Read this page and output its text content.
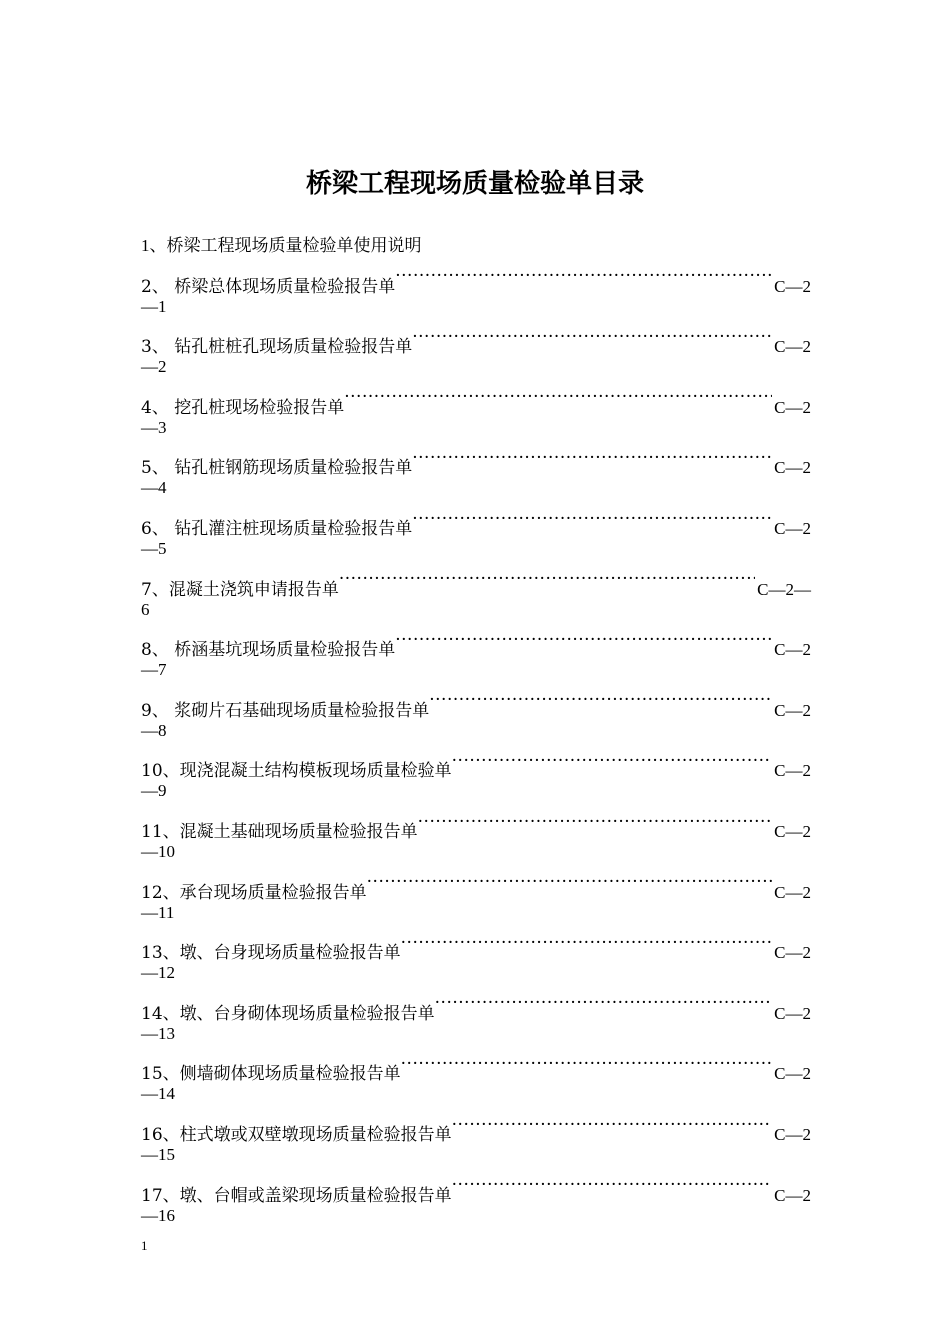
桥梁工程现场质量检验单目录
1、桥梁工程现场质量检验单使用说明
2、 桥梁总体现场质量检验报告单 ·····	C—2
—1
3、 钻孔桩桩孔现场质量检验报告单 ·····	C—2
—2
4、 挖孔桩现场检验报告单 ·····	C—2
—3
5、 钻孔桩钢筋现场质量检验报告单 ·····	C—2
—4
6、 钻孔灌注桩现场质量检验报告单 ·····	C—2
—5
7、混凝土浇筑申请报告单 ·····	C—2—
6
8、 桥涵基坑现场质量检验报告单 ·····	C—2
—7
9、 浆砌片石基础现场质量检验报告单 ·····	C—2
—8
10、现浇混凝土结构模板现场质量检验单 ·····	C—2
—9
11、混凝土基础现场质量检验报告单 ·····	C—2
—10
12、承台现场质量检验报告单 ·····	C—2
—11
13、墩、台身现场质量检验报告单 ·····	C—2
—12
14、墩、台身砌体现场质量检验报告单 ·····	C—2
—13
15、侧墙砌体现场质量检验报告单 ·····	C—2
—14
16、柱式墩或双壁墩现场质量检验报告单 ·····	C—2
—15
17、墩、台帽或盖梁现场质量检验报告单 ·····	C—2
—16
1
